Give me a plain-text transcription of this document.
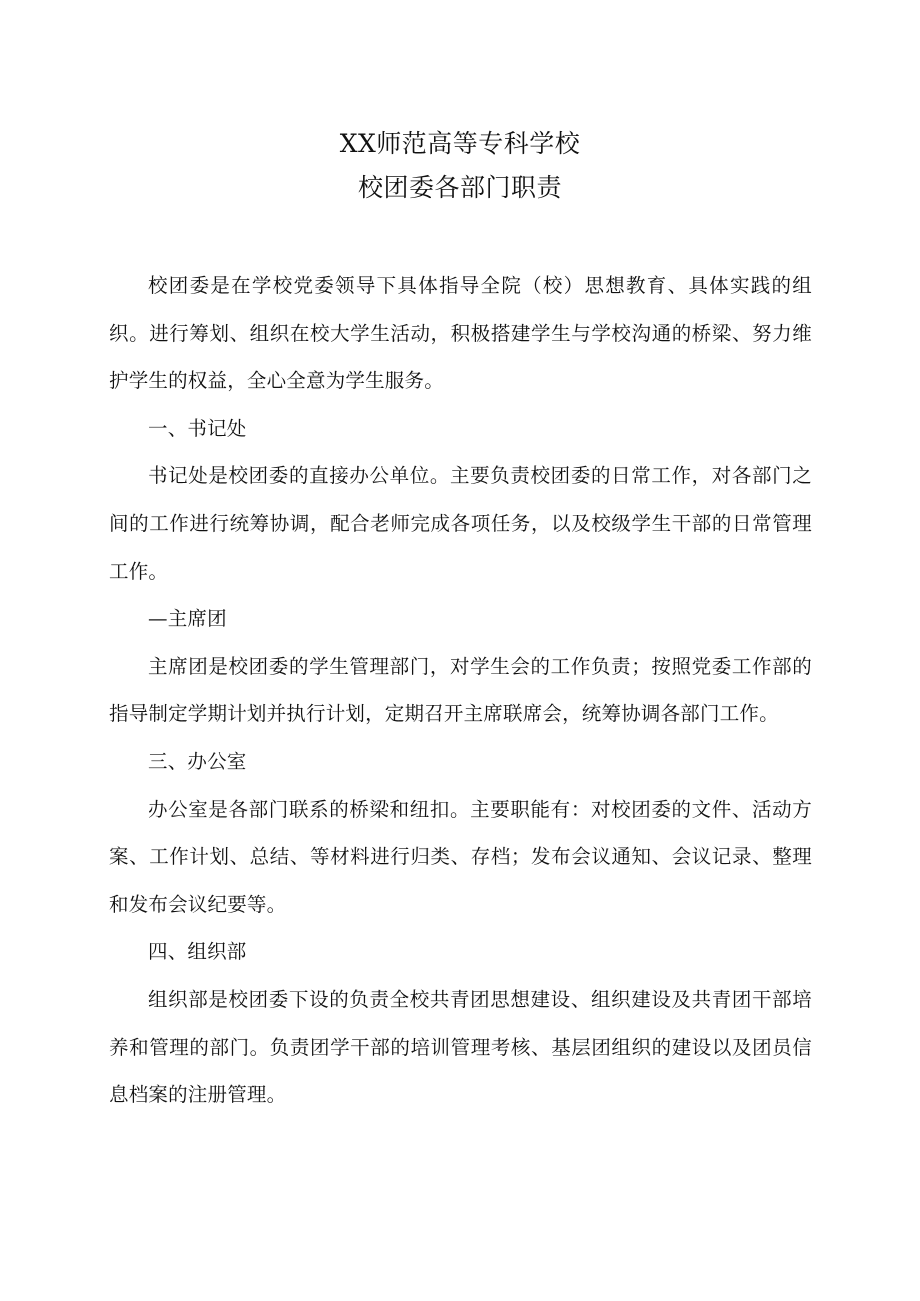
XX师范高等专科学校
校团委各部门职责

校团委是在学校党委领导下具体指导全院（校）思想教育、具体实践的组织。进行筹划、组织在校大学生活动，积极搭建学生与学校沟通的桥梁、努力维护学生的权益，全心全意为学生服务。

一、书记处

书记处是校团委的直接办公单位。主要负责校团委的日常工作，对各部门之间的工作进行统筹协调，配合老师完成各项任务，以及校级学生干部的日常管理工作。

—主席团

主席团是校团委的学生管理部门，对学生会的工作负责；按照党委工作部的指导制定学期计划并执行计划，定期召开主席联席会，统筹协调各部门工作。

三、办公室

办公室是各部门联系的桥梁和纽扣。主要职能有：对校团委的文件、活动方案、工作计划、总结、等材料进行归类、存档；发布会议通知、会议记录、整理和发布会议纪要等。

四、组织部

组织部是校团委下设的负责全校共青团思想建设、组织建设及共青团干部培养和管理的部门。负责团学干部的培训管理考核、基层团组织的建设以及团员信息档案的注册管理。
